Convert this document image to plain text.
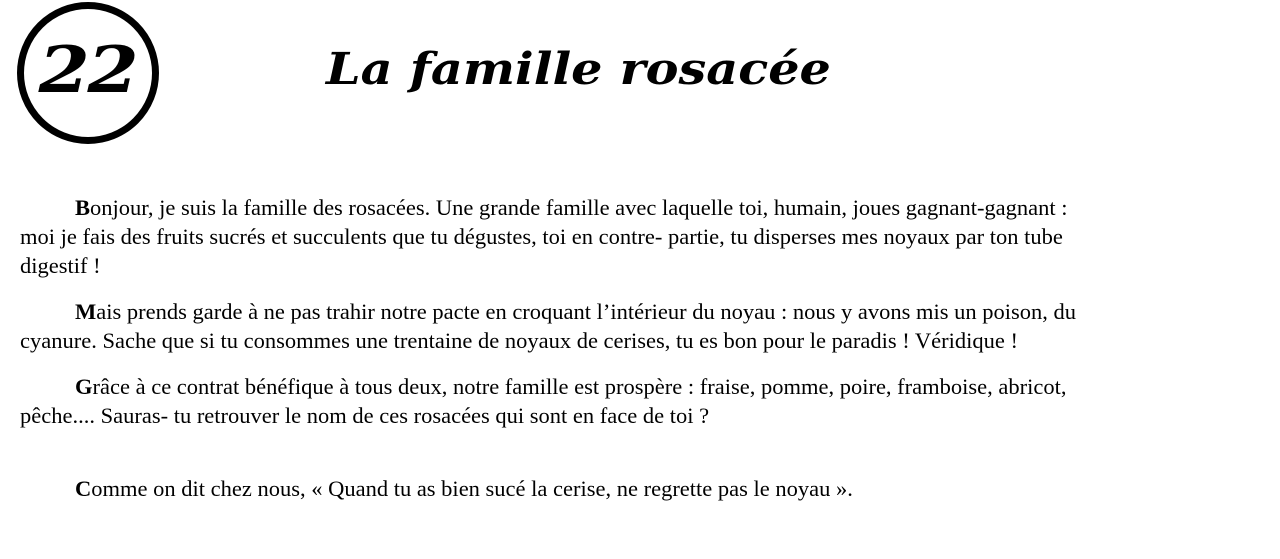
22	La famille rosacée

Bonjour, je suis la famille des rosacées. Une grande famille avec laquelle toi, humain, joues gagnant-gagnant : moi je fais des fruits sucrés et succulents que tu dégustes, toi en contre- partie, tu disperses mes noyaux par ton tube digestif !

Mais prends garde à ne pas trahir notre pacte en croquant l’intérieur du noyau : nous y avons mis un poison, du cyanure. Sache que si tu consommes une trentaine de noyaux de cerises, tu es bon pour le paradis ! Véridique !

Grâce à ce contrat bénéfique à tous deux, notre famille est prospère : fraise, pomme, poire, framboise, abricot, pêche.... Sauras- tu retrouver le nom de ces rosacées qui sont en face de toi ?

Comme on dit chez nous, « Quand tu as bien sucé la cerise, ne regrette pas le noyau ».
